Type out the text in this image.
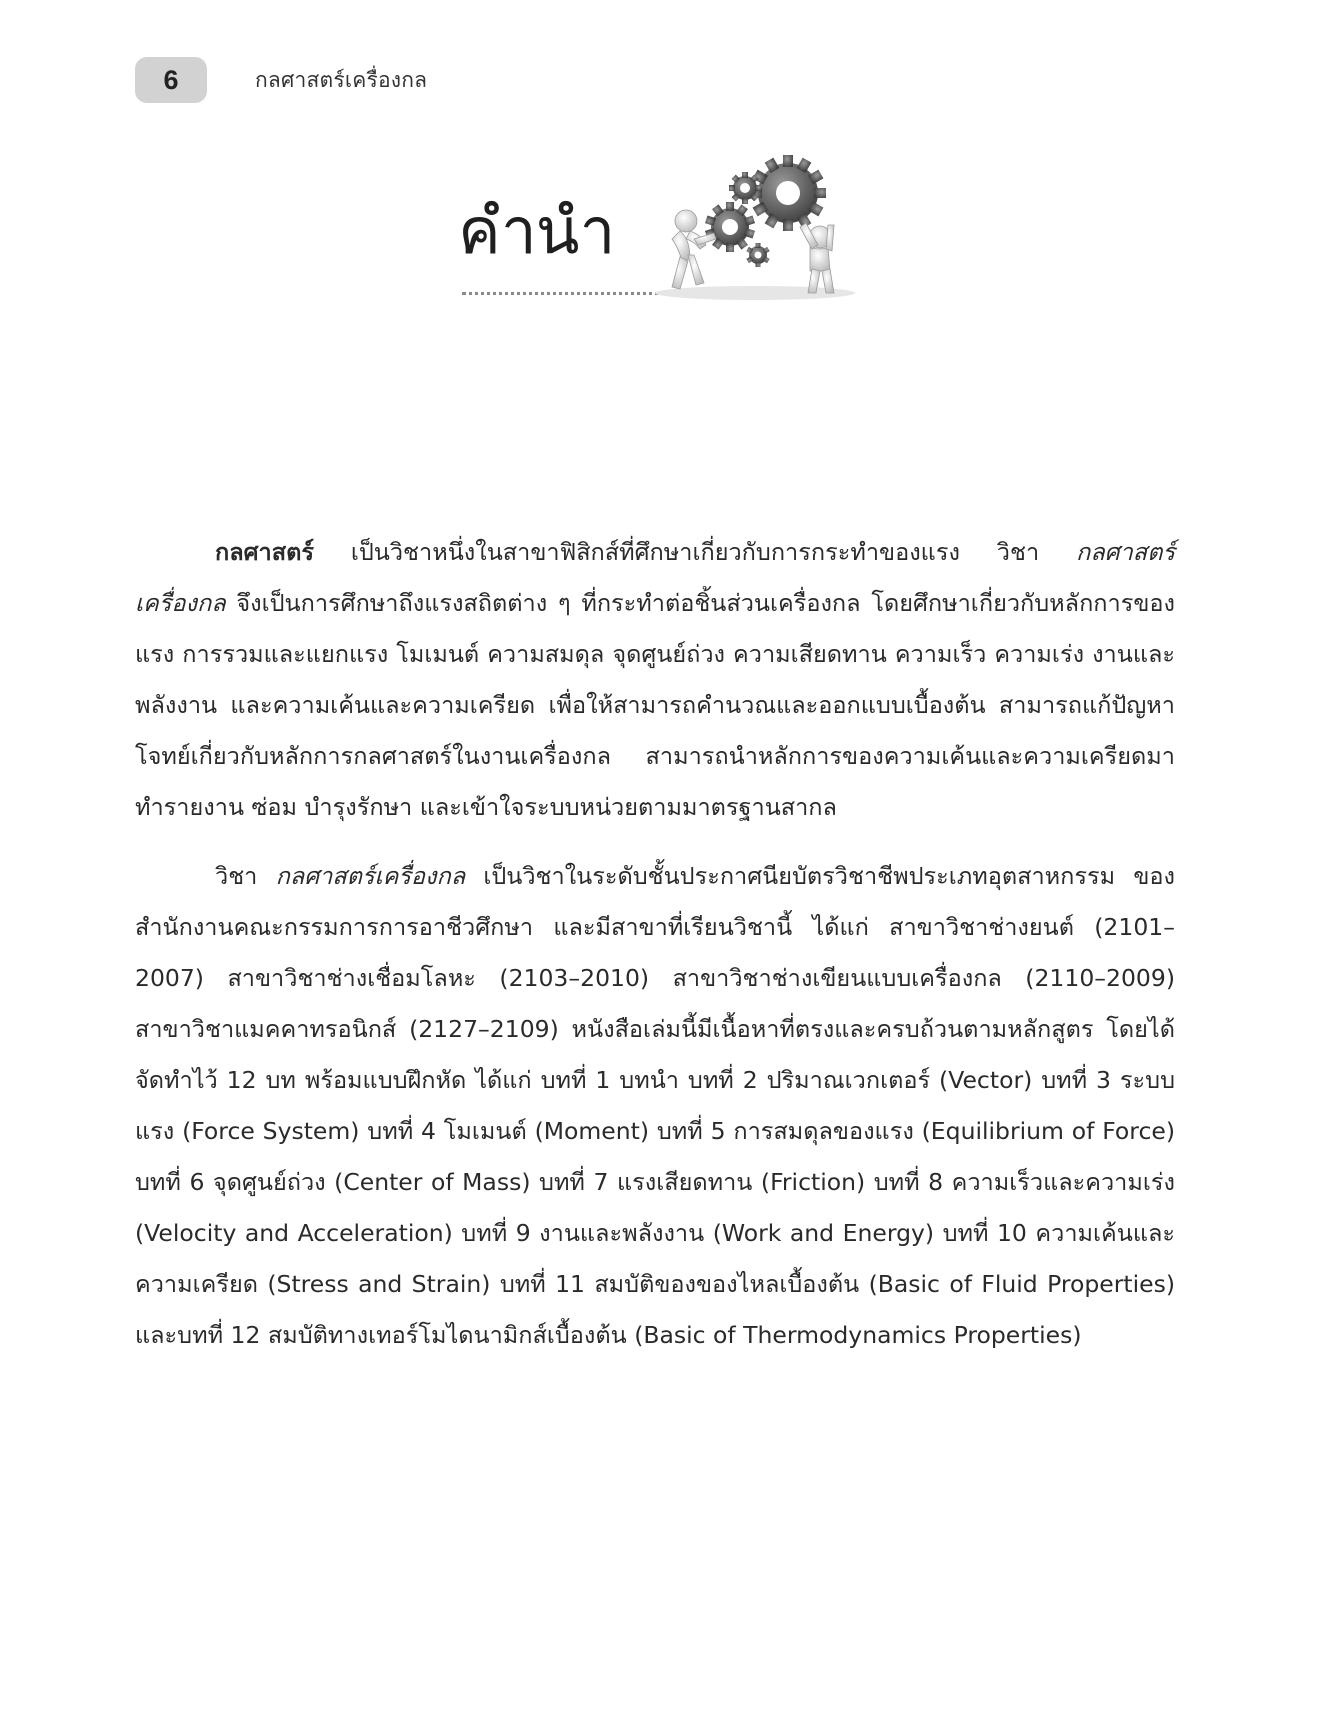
6	กลศาสตร์เครื่องกล
คำนำ

กลศาสตร์ เป็นวิชาหนึ่งในสาขาฟิสิกส์ที่ศึกษาเกี่ยวกับการกระทำของแรง วิชา กลศาสตร์เครื่องกล จึงเป็นการศึกษาถึงแรงสถิตต่าง ๆ ที่กระทำต่อชิ้นส่วนเครื่องกล โดยศึกษาเกี่ยวกับหลักการของแรง การรวมและแยกแรง โมเมนต์ ความสมดุล จุดศูนย์ถ่วง ความเสียดทาน ความเร็ว ความเร่ง งานและพลังงาน และความเค้นและความเครียด เพื่อให้สามารถคำนวณและออกแบบเบื้องต้น สามารถแก้ปัญหาโจทย์เกี่ยวกับหลักการกลศาสตร์ในงานเครื่องกล สามารถนำหลักการของความเค้นและความเครียดมาทำรายงาน ซ่อม บำรุงรักษา และเข้าใจระบบหน่วยตามมาตรฐานสากล

วิชา กลศาสตร์เครื่องกล เป็นวิชาในระดับชั้นประกาศนียบัตรวิชาชีพประเภทอุตสาหกรรม ของสำนักงานคณะกรรมการการอาชีวศึกษา และมีสาขาที่เรียนวิชานี้ ได้แก่ สาขาวิชาช่างยนต์ (2101–2007) สาขาวิชาช่างเชื่อมโลหะ (2103–2010) สาขาวิชาช่างเขียนแบบเครื่องกล (2110–2009) สาขาวิชาแมคคาทรอนิกส์ (2127–2109) หนังสือเล่มนี้มีเนื้อหาที่ตรงและครบถ้วนตามหลักสูตร โดยได้จัดทำไว้ 12 บท พร้อมแบบฝึกหัด ได้แก่ บทที่ 1 บทนำ บทที่ 2 ปริมาณเวกเตอร์ (Vector) บทที่ 3 ระบบแรง (Force System) บทที่ 4 โมเมนต์ (Moment) บทที่ 5 การสมดุลของแรง (Equilibrium of Force) บทที่ 6 จุดศูนย์ถ่วง (Center of Mass) บทที่ 7 แรงเสียดทาน (Friction) บทที่ 8 ความเร็วและความเร่ง (Velocity and Acceleration) บทที่ 9 งานและพลังงาน (Work and Energy) บทที่ 10 ความเค้นและความเครียด (Stress and Strain) บทที่ 11 สมบัติของของไหลเบื้องต้น (Basic of Fluid Properties) และบทที่ 12 สมบัติทางเทอร์โมไดนามิกส์เบื้องต้น (Basic of Thermodynamics Properties)
